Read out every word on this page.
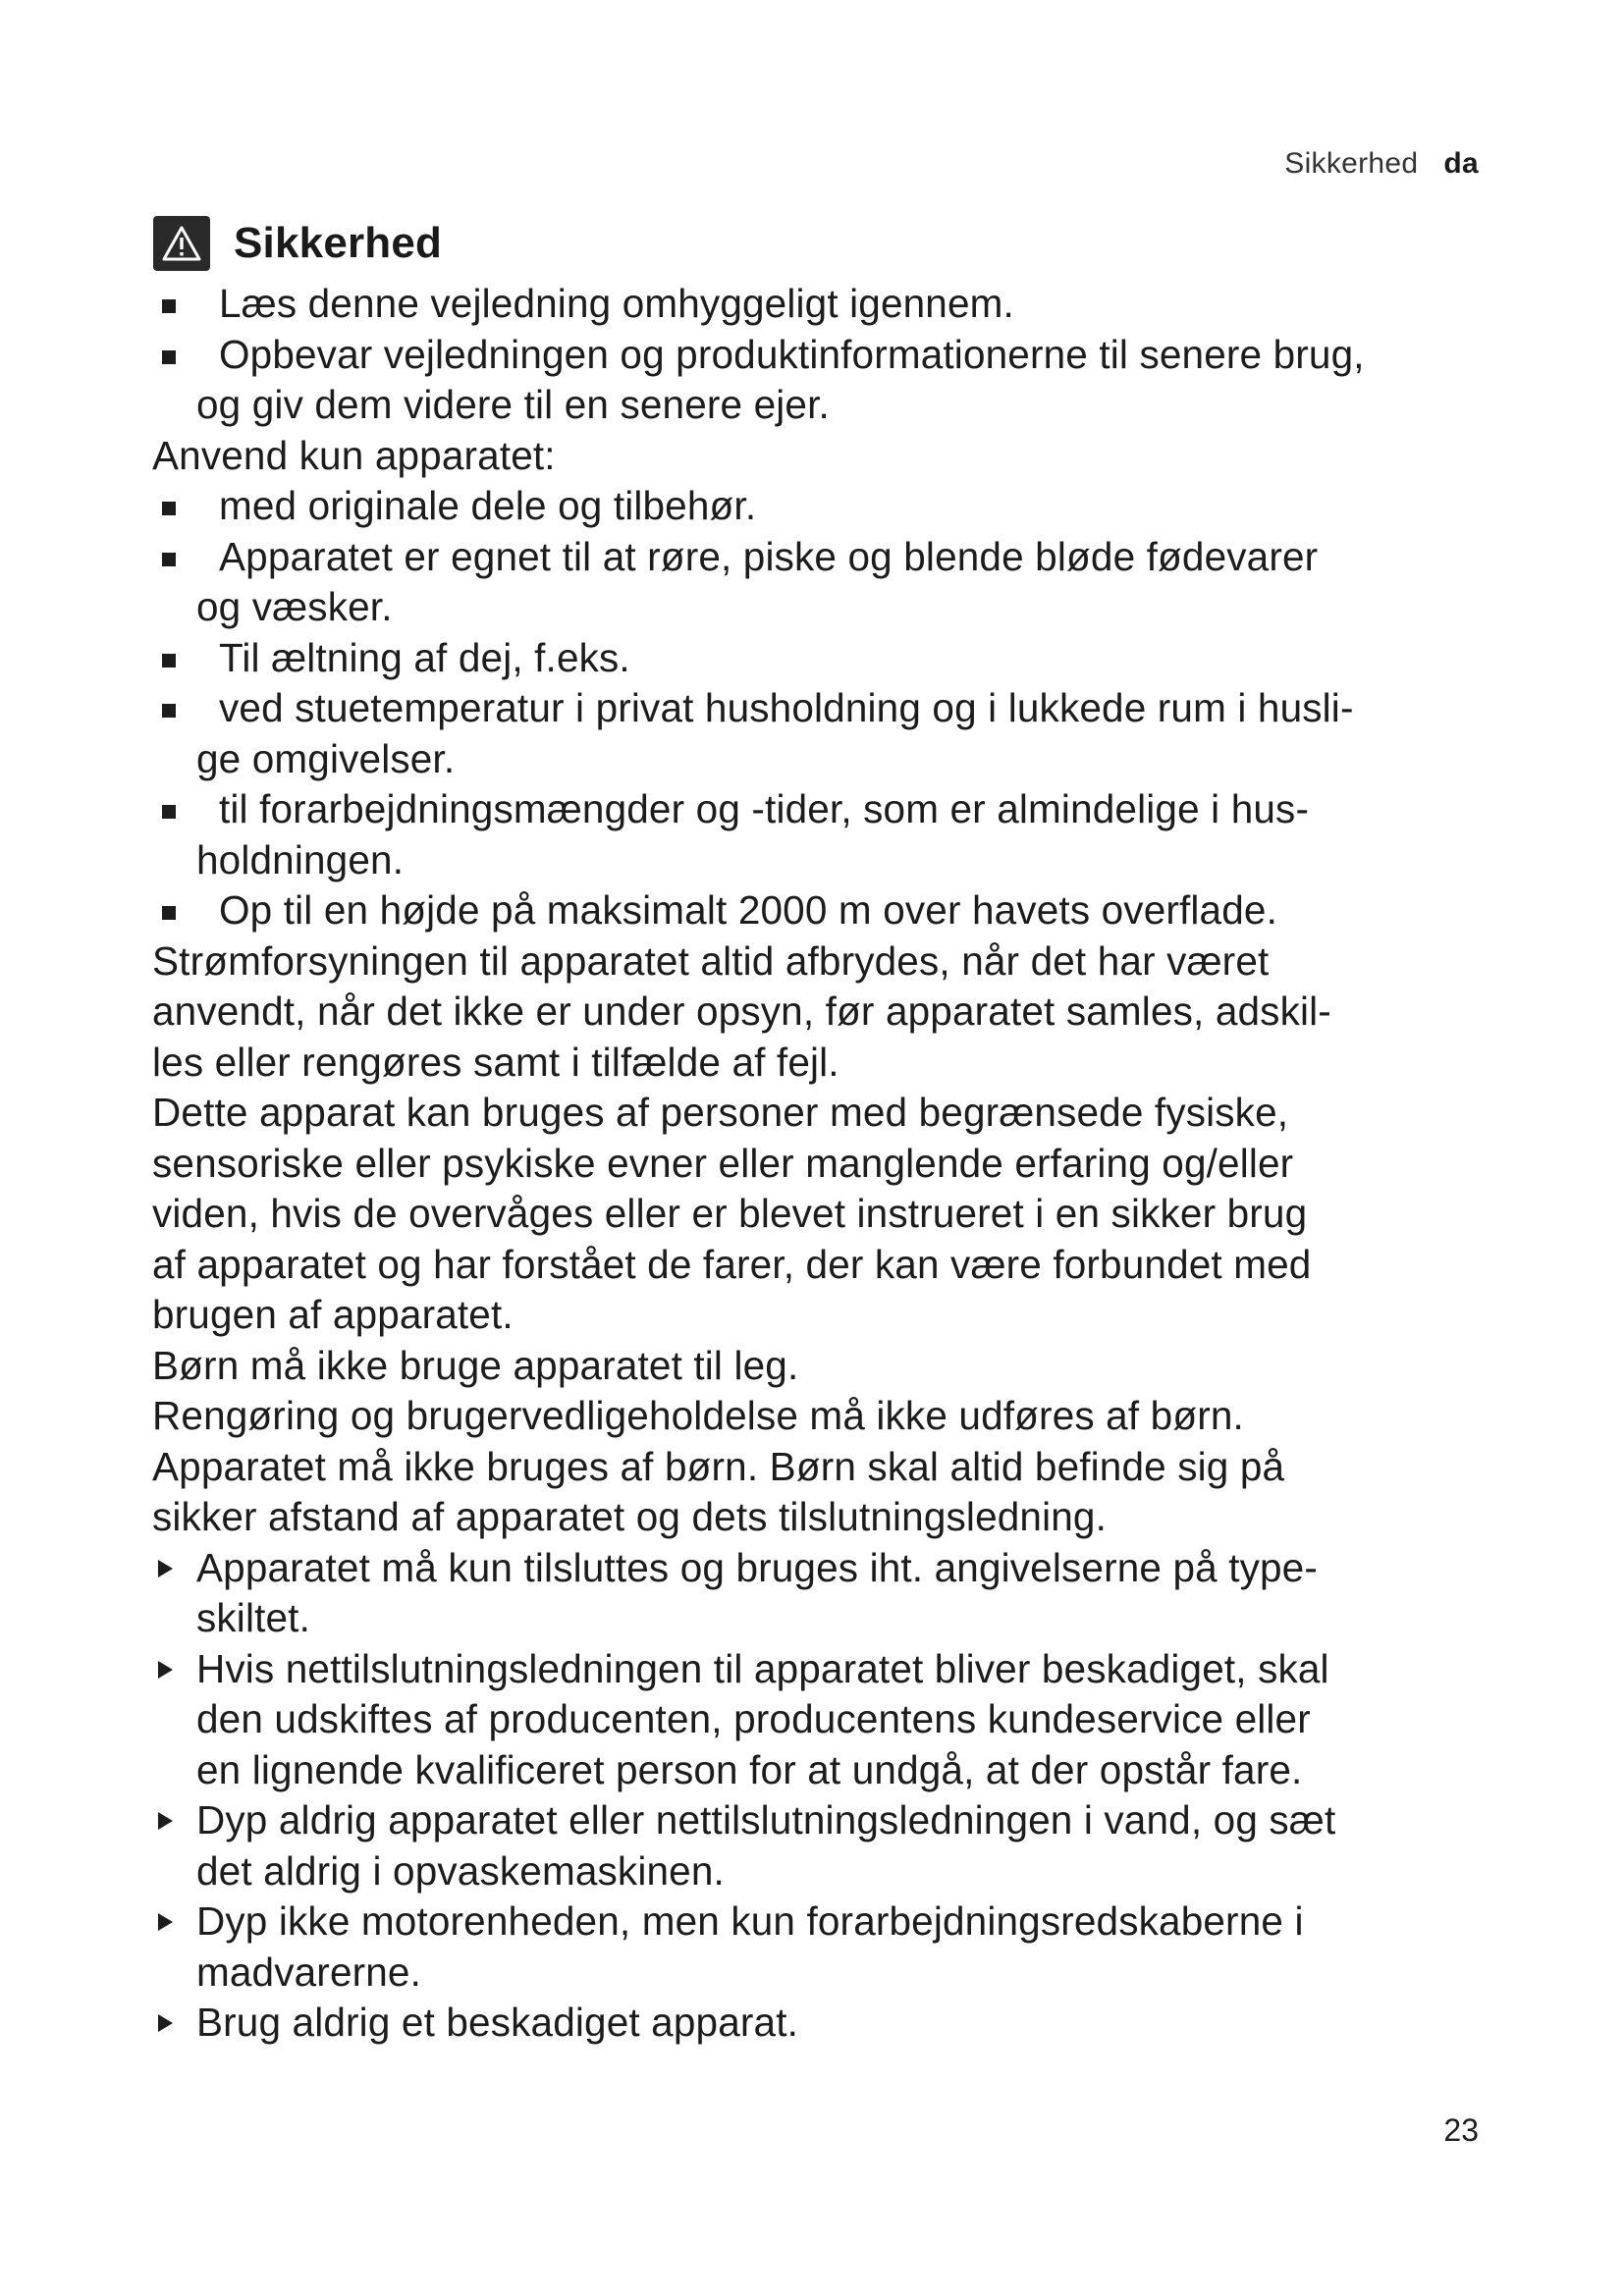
Sikkerhed da
Sikkerhed
Læs denne vejledning omhyggeligt igennem.
Opbevar vejledningen og produktinformationerne til senere brug,
og giv dem videre til en senere ejer.
Anvend kun apparatet:
med originale dele og tilbehør.
Apparatet er egnet til at røre, piske og blende bløde fødevarer
og væsker.
Til æltning af dej, f.eks.
ved stuetemperatur i privat husholdning og i lukkede rum i husli-
ge omgivelser.
til forarbejdningsmængder og -tider, som er almindelige i hus-
holdningen.
Op til en højde på maksimalt 2000 m over havets overflade.
Strømforsyningen til apparatet altid afbrydes, når det har været
anvendt, når det ikke er under opsyn, før apparatet samles, adskil-
les eller rengøres samt i tilfælde af fejl.
Dette apparat kan bruges af personer med begrænsede fysiske,
sensoriske eller psykiske evner eller manglende erfaring og/eller
viden, hvis de overvåges eller er blevet instrueret i en sikker brug
af apparatet og har forstået de farer, der kan være forbundet med
brugen af apparatet.
Børn må ikke bruge apparatet til leg.
Rengøring og brugervedligeholdelse må ikke udføres af børn.
Apparatet må ikke bruges af børn. Børn skal altid befinde sig på
sikker afstand af apparatet og dets tilslutningsledning.
Apparatet må kun tilsluttes og bruges iht. angivelserne på type-
skiltet.
Hvis nettilslutningsledningen til apparatet bliver beskadiget, skal
den udskiftes af producenten, producentens kundeservice eller
en lignende kvalificeret person for at undgå, at der opstår fare.
Dyp aldrig apparatet eller nettilslutningsledningen i vand, og sæt
det aldrig i opvaskemaskinen.
Dyp ikke motorenheden, men kun forarbejdningsredskaberne i
madvarerne.
Brug aldrig et beskadiget apparat.
23
